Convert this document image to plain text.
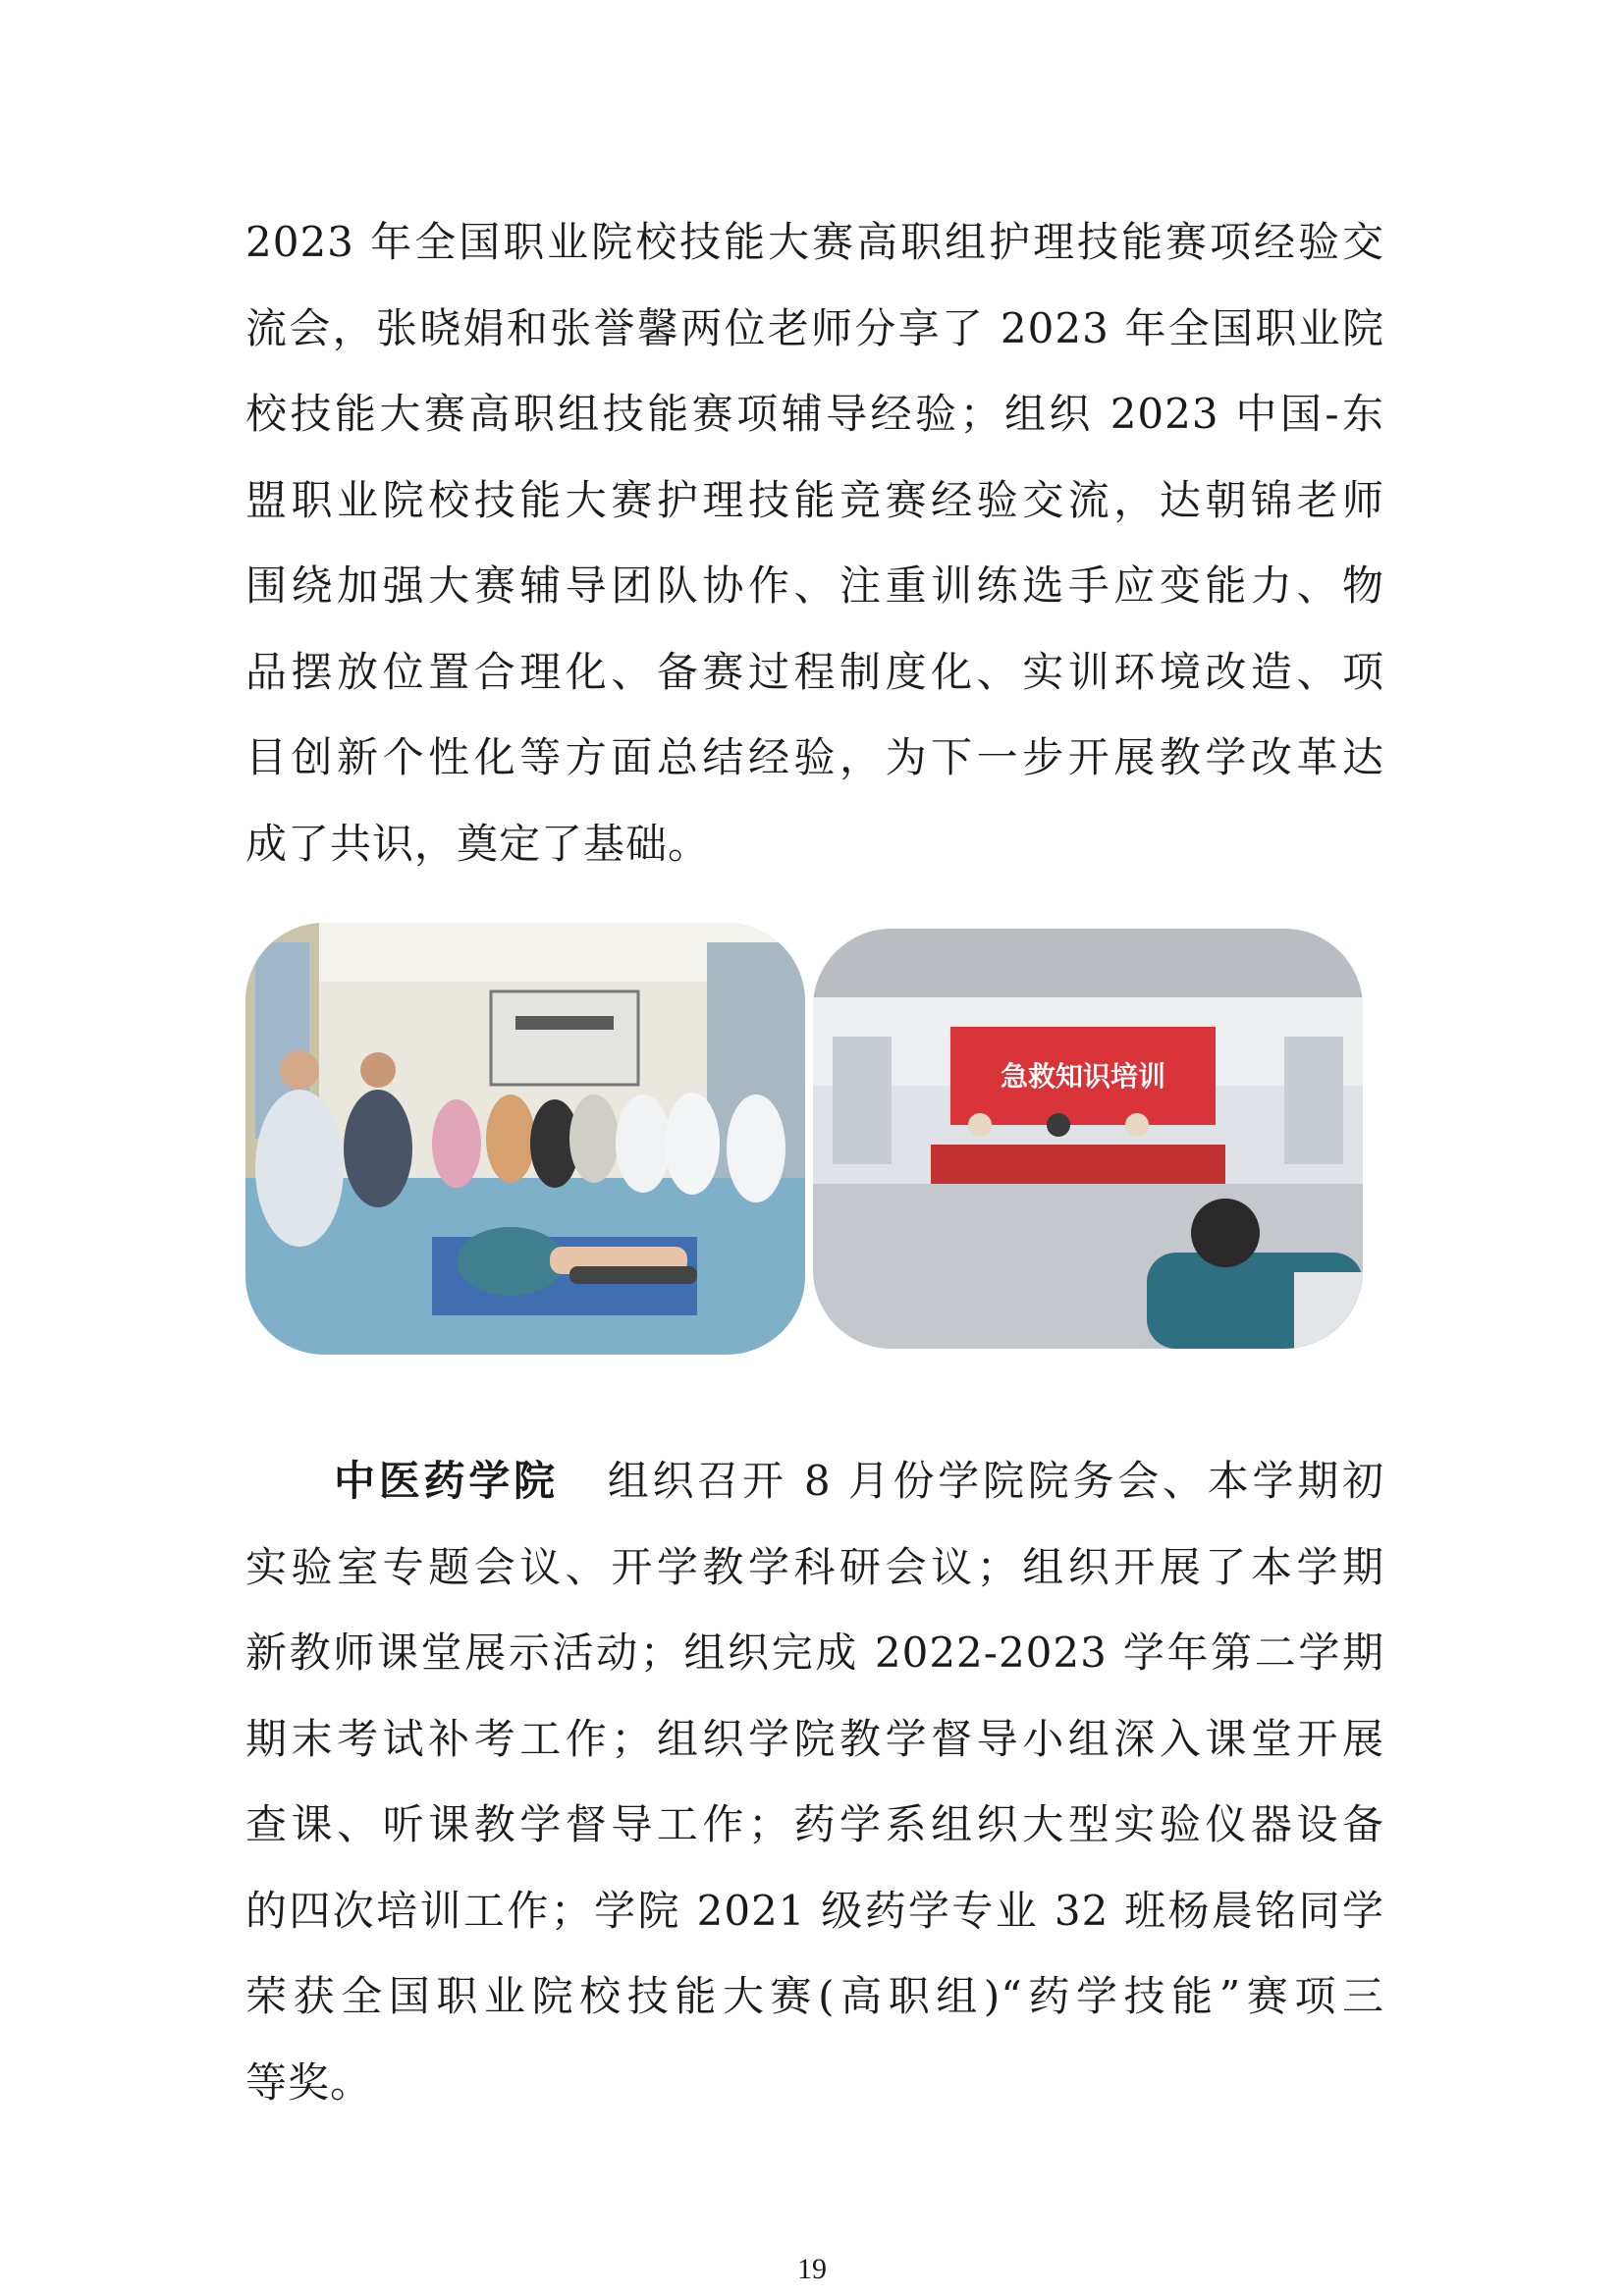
2023 年全国职业院校技能大赛高职组护理技能赛项经验交
流会，张晓娟和张誉馨两位老师分享了 2023 年全国职业院
校技能大赛高职组技能赛项辅导经验；组织 2023 中国-东
盟职业院校技能大赛护理技能竞赛经验交流，达朝锦老师
围绕加强大赛辅导团队协作、注重训练选手应变能力、物
品摆放位置合理化、备赛过程制度化、实训环境改造、项
目创新个性化等方面总结经验，为下一步开展教学改革达
成了共识，奠定了基础。
急救知识培训
中医药学院 组织召开 8 月份学院院务会、本学期初
实验室专题会议、开学教学科研会议；组织开展了本学期
新教师课堂展示活动；组织完成 2022-2023 学年第二学期
期末考试补考工作；组织学院教学督导小组深入课堂开展
查课、听课教学督导工作；药学系组织大型实验仪器设备
的四次培训工作；学院 2021 级药学专业 32 班杨晨铭同学
荣获全国职业院校技能大赛(高职组)“药学技能”赛项三
等奖。
19
